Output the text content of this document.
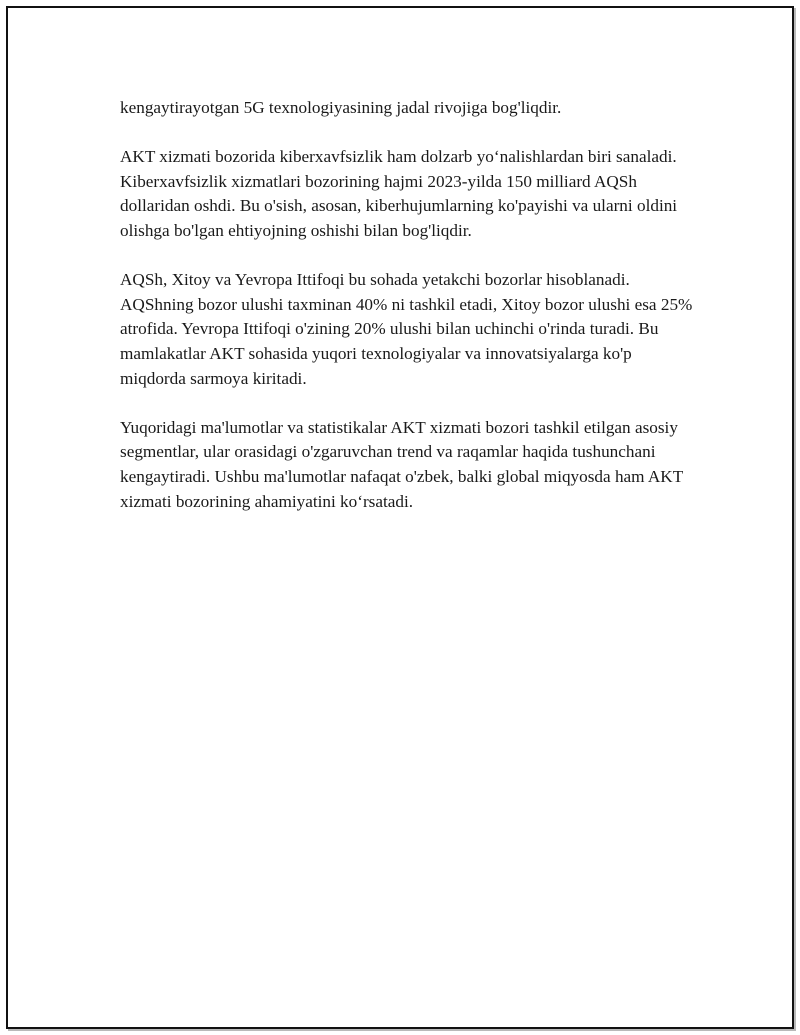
kengaytirayotgan 5G texnologiyasining jadal rivojiga bog'liqdir.

AKT xizmati bozorida kiberxavfsizlik ham dolzarb yo‘nalishlardan biri sanaladi. Kiberxavfsizlik xizmatlari bozorining hajmi 2023-yilda 150 milliard AQSh dollaridan oshdi. Bu o'sish, asosan, kiberhujumlarning ko'payishi va ularni oldini olishga bo'lgan ehtiyojning oshishi bilan bog'liqdir.

AQSh, Xitoy va Yevropa Ittifoqi bu sohada yetakchi bozorlar hisoblanadi. AQShning bozor ulushi taxminan 40% ni tashkil etadi, Xitoy bozor ulushi esa 25% atrofida. Yevropa Ittifoqi o'zining 20% ulushi bilan uchinchi o'rinda turadi. Bu mamlakatlar AKT sohasida yuqori texnologiyalar va innovatsiyalarga ko'p miqdorda sarmoya kiritadi.

Yuqoridagi ma'lumotlar va statistikalar AKT xizmati bozori tashkil etilgan asosiy segmentlar, ular orasidagi o'zgaruvchan trend va raqamlar haqida tushunchani kengaytiradi. Ushbu ma'lumotlar nafaqat o'zbek, balki global miqyosda ham AKT xizmati bozorining ahamiyatini ko‘rsatadi.
